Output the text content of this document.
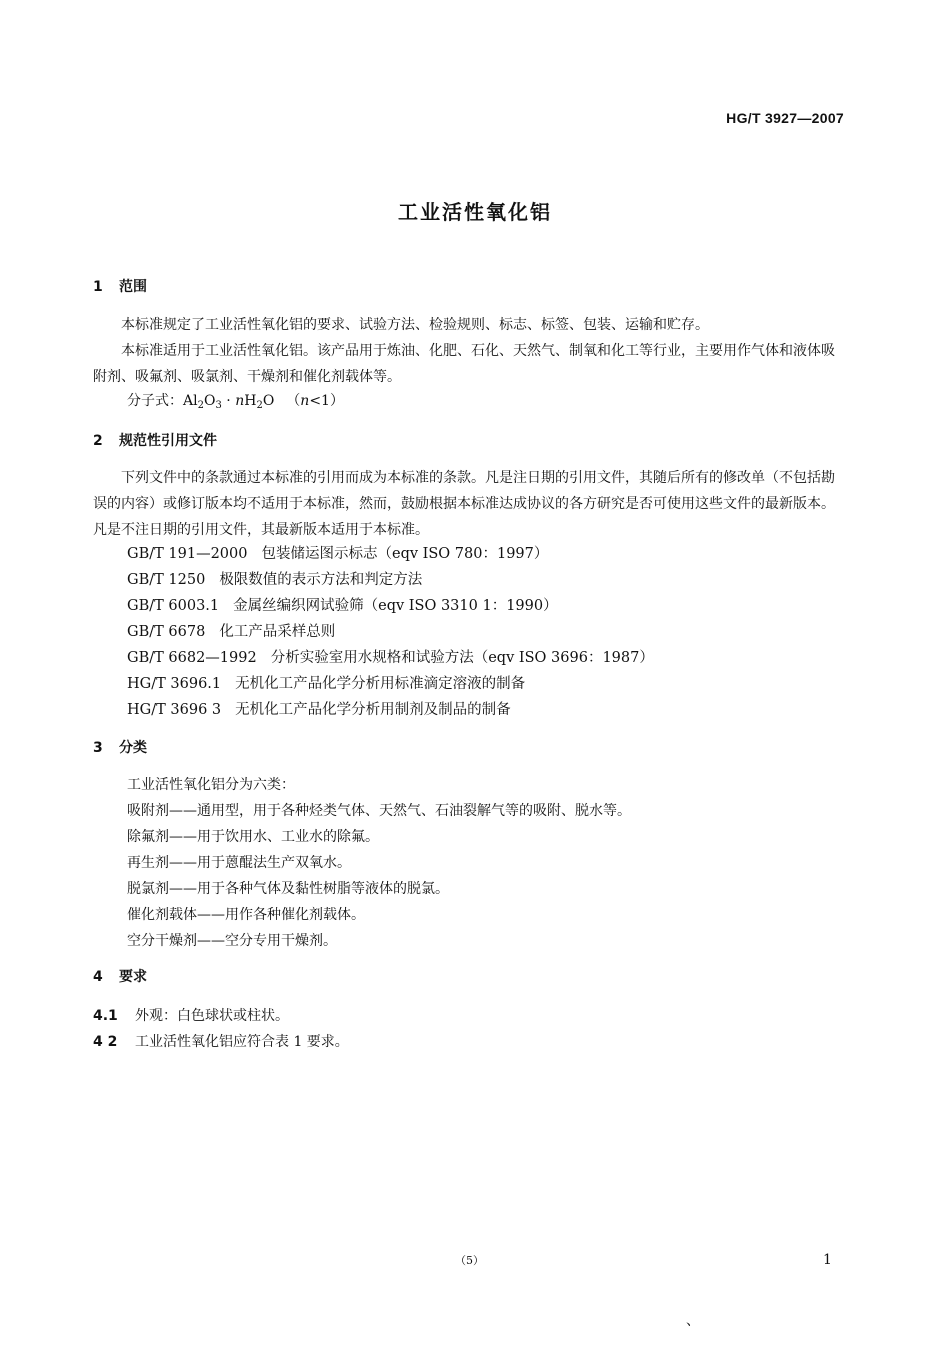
HG/T 3927—2007
工业活性氧化铝
1 范围
本标准规定了工业活性氧化铝的要求、试验方法、检验规则、标志、标签、包装、运输和贮存。
本标准适用于工业活性氧化铝。该产品用于炼油、化肥、石化、天然气、制氧和化工等行业，主要用作气体和液体吸附剂、吸氟剂、吸氯剂、干燥剂和催化剂载体等。
分子式：$Al_2O_3 \cdot nH_2O$ （n<1）
2 规范性引用文件
下列文件中的条款通过本标准的引用而成为本标准的条款。凡是注日期的引用文件，其随后所有的修改单（不包括勘误的内容）或修订版本均不适用于本标准，然而，鼓励根据本标准达成协议的各方研究是否可使用这些文件的最新版本。凡是不注日期的引用文件，其最新版本适用于本标准。
GB/T 191—2000 包装储运图示标志（eqv ISO 780：1997）
GB/T 1250 极限数值的表示方法和判定方法
GB/T 6003.1 金属丝编织网试验筛（eqv ISO 3310 1：1990）
GB/T 6678 化工产品采样总则
GB/T 6682—1992 分析实验室用水规格和试验方法（eqv ISO 3696：1987）
HG/T 3696.1 无机化工产品化学分析用标准滴定溶液的制备
HG/T 3696 3 无机化工产品化学分析用制剂及制品的制备
3 分类
工业活性氧化铝分为六类：
吸附剂——通用型，用于各种烃类气体、天然气、石油裂解气等的吸附、脱水等。
除氟剂——用于饮用水、工业水的除氟。
再生剂——用于蒽醌法生产双氧水。
脱氯剂——用于各种气体及黏性树脂等液体的脱氯。
催化剂载体——用作各种催化剂载体。
空分干燥剂——空分专用干燥剂。
4 要求
4.1 外观：白色球状或柱状。
4 2 工业活性氧化铝应符合表 1 要求。
（5）	1
、
